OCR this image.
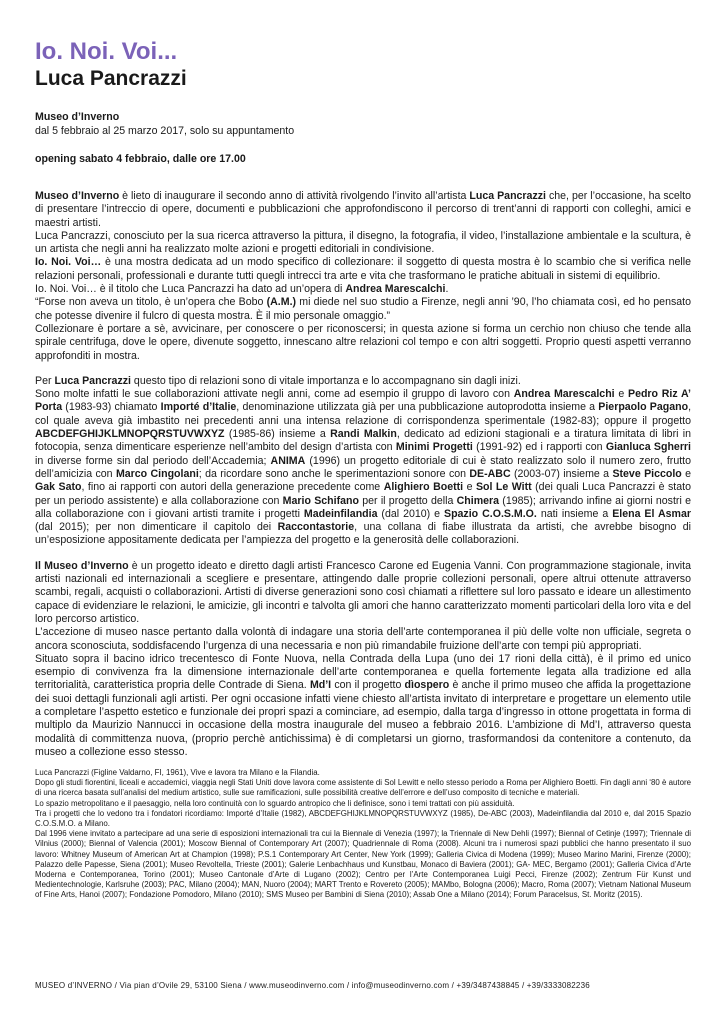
Io. Noi. Voi...
Luca Pancrazzi

Museo d’Inverno

dal 5 febbraio al 25 marzo 2017, solo su appuntamento

opening sabato 4 febbraio, dalle ore 17.00

Museo d’Inverno è lieto di inaugurare il secondo anno di attività rivolgendo l’invito all’artista Luca Pancrazzi che, per l’occasione, ha scelto di presentare l’intreccio di opere, documenti e pubblicazioni che approfondiscono il percorso di trent’anni di rapporti con colleghi, amici e maestri artisti.

Luca Pancrazzi, conosciuto per la sua ricerca attraverso la pittura, il disegno, la fotografia, il video, l’installazione ambientale e la scultura, è un artista che negli anni ha realizzato molte azioni e progetti editoriali in condivisione.

Io. Noi. Voi… è una mostra dedicata ad un modo specifico di collezionare: il soggetto di questa mostra è lo scambio che si verifica nelle relazioni personali, professionali e durante tutti quegli intrecci tra arte e vita che trasformano le pratiche abituali in sistemi di equilibrio.

Io. Noi. Voi… è il titolo che Luca Pancrazzi ha dato ad un’opera di Andrea Marescalchi.

“Forse non aveva un titolo, è un’opera che Bobo (A.M.) mi diede nel suo studio a Firenze, negli anni ’90, l’ho chiamata così, ed ho pensato che potesse divenire il fulcro di questa mostra. È il mio personale omaggio.”

Collezionare è portare a sè, avvicinare, per conoscere o per riconoscersi; in questa azione si forma un cerchio non chiuso che tende alla spirale centrifuga, dove le opere, divenute soggetto, innescano altre relazioni col tempo e con altri soggetti. Proprio questi aspetti verranno approfonditi in mostra.

Per Luca Pancrazzi questo tipo di relazioni sono di vitale importanza e lo accompagnano sin dagli inizi.

Sono molte infatti le sue collaborazioni attivate negli anni, come ad esempio il gruppo di lavoro con Andrea Marescalchi e Pedro Riz A’ Porta (1983-93) chiamato Importé d’Italie, denominazione utilizzata già per una pubblicazione autoprodotta insieme a Pierpaolo Pagano, col quale aveva già imbastito nei precedenti anni una intensa relazione di corrispondenza sperimentale (1982-83); oppure il progetto ABCDEFGHIJKLMNOPQRSTUVWXYZ (1985-86) insieme a Randi Malkin, dedicato ad edizioni stagionali e a tiratura limitata di libri in fotocopia, senza dimenticare esperienze nell’ambito del design d’artista con Minimi Progetti (1991-92) ed i rapporti con Gianluca Sgherri in diverse forme sin dal periodo dell’Accademia; ANIMA (1996) un progetto editoriale di cui è stato realizzato solo il numero zero, frutto dell’amicizia con Marco Cingolani; da ricordare sono anche le sperimentazioni sonore con DE-ABC (2003-07) insieme a Steve Piccolo e Gak Sato, fino ai rapporti con autori della generazione precedente come Alighiero Boetti e Sol Le Witt (dei quali Luca Pancrazzi è stato per un periodo assistente) e alla collaborazione con Mario Schifano per il progetto della Chimera (1985); arrivando infine ai giorni nostri e alla collaborazione con i giovani artisti tramite i progetti Madeinfilandia (dal 2010) e Spazio C.O.S.M.O. nati insieme a Elena El Asmar (dal 2015); per non dimenticare il capitolo dei Raccontastorie, una collana di fiabe illustrata da artisti, che avrebbe bisogno di un’esposizione appositamente dedicata per l’ampiezza del progetto e la generosità delle collaborazioni.

Il Museo d’Inverno è un progetto ideato e diretto dagli artisti Francesco Carone ed Eugenia Vanni. Con programmazione stagionale, invita artisti nazionali ed internazionali a scegliere e presentare, attingendo dalle proprie collezioni personali, opere altrui ottenute attraverso scambi, regali, acquisti o collaborazioni. Artisti di diverse generazioni sono così chiamati a riflettere sul loro passato e ideare un allestimento capace di evidenziare le relazioni, le amicizie, gli incontri e talvolta gli amori che hanno caratterizzato momenti particolari della loro vita e del loro percorso artistico.

L’accezione di museo nasce pertanto dalla volontà di indagare una storia dell’arte contemporanea il più delle volte non ufficiale, segreta o ancora sconosciuta, soddisfacendo l’urgenza di una necessaria e non più rimandabile fruizione dell’arte con tempi più appropriati.

Situato sopra il bacino idrico trecentesco di Fonte Nuova, nella Contrada della Lupa (uno dei 17 rioni della città), è il primo ed unico esempio di convivenza fra la dimensione internazionale dell’arte contemporanea e quella fortemente legata alla tradizione ed alla territorialità, caratteristica propria delle Contrade di Siena. Md’I con il progetto dìospero è anche il primo museo che affida la progettazione dei suoi dettagli funzionali agli artisti. Per ogni occasione infatti viene chiesto all’artista invitato di interpretare e progettare un elemento utile a completare l’aspetto estetico e funzionale dei propri spazi a cominciare, ad esempio, dalla targa d’ingresso in ottone progettata in forma di multiplo da Maurizio Nannucci in occasione della mostra inaugurale del museo a febbraio 2016. L’ambizione di Md’I, attraverso questa modalità di committenza nuova, (proprio perchè antichissima) è di completarsi un giorno, trasformandosi da contenitore a contenuto, da museo a collezione esso stesso.

Luca Pancrazzi (Figline Valdarno, FI, 1961), Vive e lavora tra Milano e la Filandia.

Dopo gli studi fiorentini, liceali e accademici, viaggia negli Stati Uniti dove lavora come assistente di Sol Lewitt e nello stesso periodo a Roma per Alighiero Boetti. Fin dagli anni ‘80 è autore di una ricerca basata sull’analisi del medium artistico, sulle sue ramificazioni, sulle possibilità creative dell’errore e dell’uso composito di tecniche e materiali.

Lo spazio metropolitano e il paesaggio, nella loro continuità con lo sguardo antropico che li definisce, sono i temi trattati con più assiduità.

Tra i progetti che lo vedono tra i fondatori ricordiamo: Importé d’Italie (1982), ABCDEFGHIJKLMNOPQRSTUVWXYZ (1985), De-ABC (2003), Madeinfilandia dal 2010 e, dal 2015 Spazio C.O.S.M.O. a Milano.

Dal 1996 viene invitato a partecipare ad una serie di esposizioni internazionali tra cui la Biennale di Venezia (1997); la Triennale di New Dehli (1997); Biennal of Cetinje (1997); Triennale di Vilnius (2000); Biennal of Valencia (2001); Moscow Biennal of Contemporary Art (2007); Quadriennale di Roma (2008). Alcuni tra i numerosi spazi pubblici che hanno presentato il suo lavoro: Whitney Museum of American Art at Champion (1998); P.S.1 Contemporary Art Center, New York (1999); Galleria Civica di Modena (1999); Museo Marino Marini, Firenze (2000); Palazzo delle Papesse, Siena (2001); Museo Revoltella, Trieste (2001); Galerie Lenbachhaus und Kunstbau, Monaco di Baviera (2001); GA- MEC, Bergamo (2001); Galleria Civica d’Arte Moderna e Contemporanea, Torino (2001); Museo Cantonale d’Arte di Lugano (2002); Centro per l’Arte Contemporanea Luigi Pecci, Firenze (2002); Zentrum Für Kunst und Medientechnologie, Karlsruhe (2003); PAC, Milano (2004); MAN, Nuoro (2004); MART Trento e Rovereto (2005); MAMbo, Bologna (2006); Macro, Roma (2007); Vietnam National Museum of Fine Arts, Hanoi (2007); Fondazione Pomodoro, Milano (2010); SMS Museo per Bambini di Siena (2010); Assab One a Milano (2014); Forum Paracelsus, St. Moritz (2015).

MUSEO d’INVERNO / Via pian d’Ovile 29, 53100 Siena / www.museodinverno.com / info@museodinverno.com / +39/3487438845 / +39/3333082236
